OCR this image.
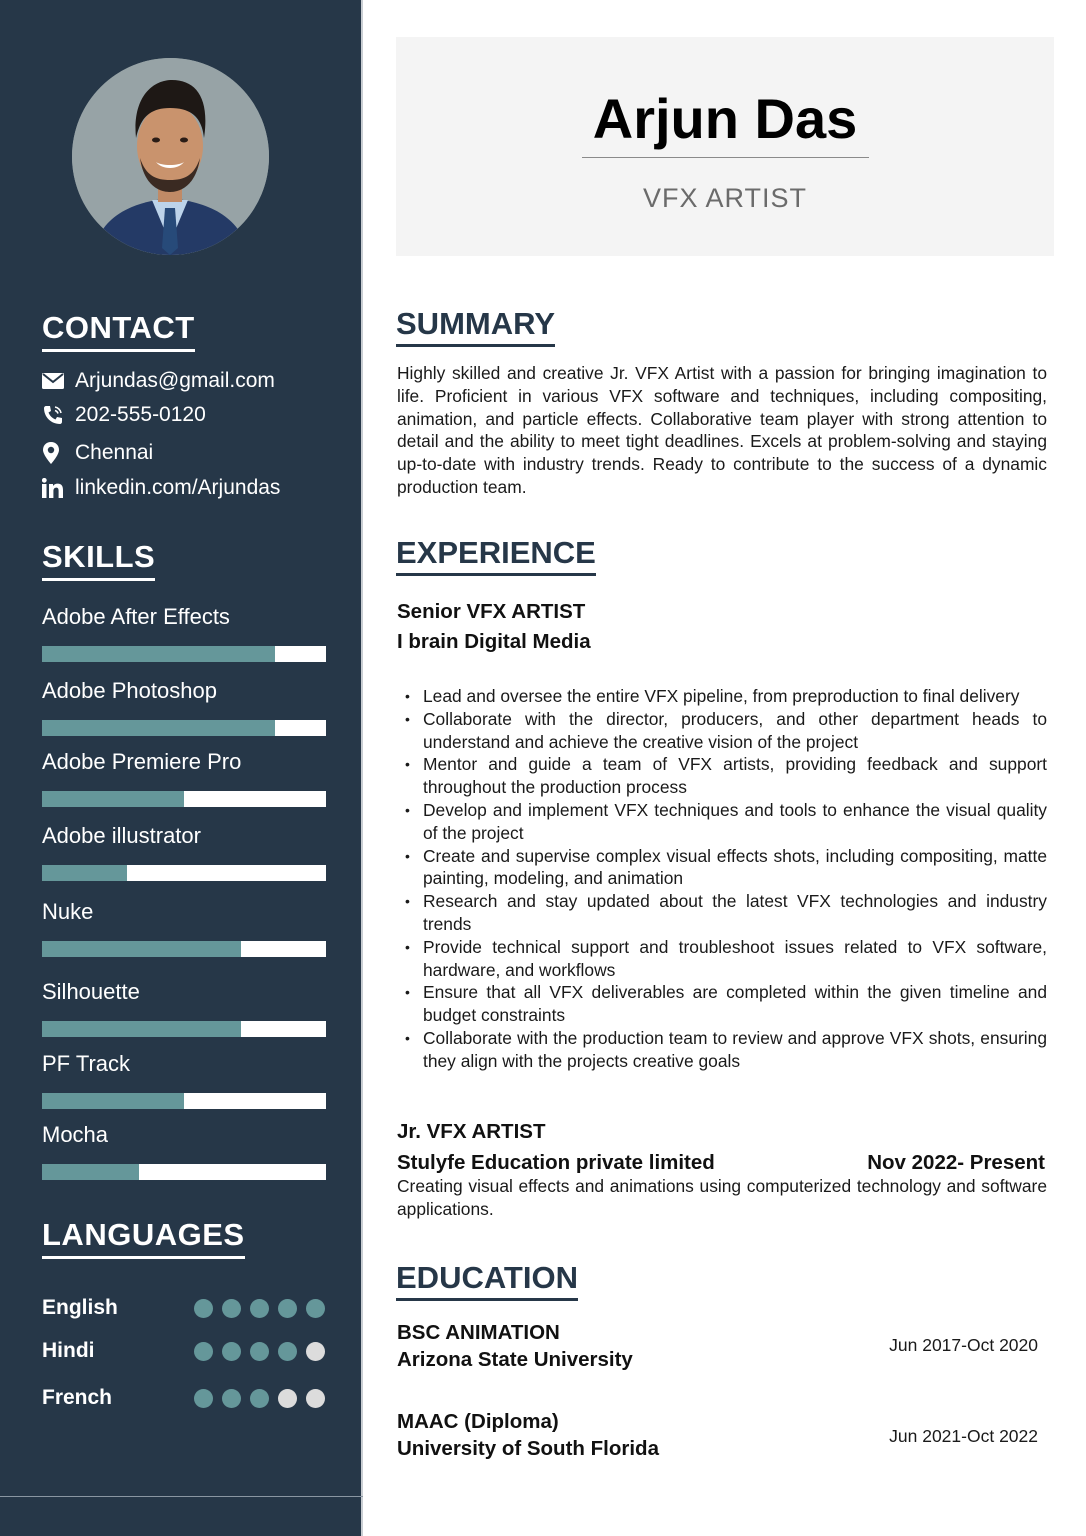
CONTACT
Arjundas@gmail.com
202-555-0120
Chennai
linkedin.com/Arjundas
SKILLS
Adobe After Effects
Adobe Photoshop
Adobe Premiere Pro
Adobe illustrator
Nuke
Silhouette
PF Track
Mocha
LANGUAGES
English
Hindi
French
Arjun Das
VFX ARTIST
SUMMARY

Highly skilled and creative Jr. VFX Artist with a passion for bringing imagination to life. Proficient in various VFX software and techniques, including compositing, animation, and particle effects. Collaborative team player with strong attention to detail and the ability to meet tight deadlines. Excels at problem-solving and staying up-to-date with industry trends. Ready to contribute to the success of a dynamic production team.

EXPERIENCE
Senior VFX ARTIST
I brain Digital Media
• Lead and oversee the entire VFX pipeline, from preproduction to final delivery
• Collaborate with the director, producers, and other department heads to understand and achieve the creative vision of the project
• Mentor and guide a team of VFX artists, providing feedback and support throughout the production process
• Develop and implement VFX techniques and tools to enhance the visual quality of the project
• Create and supervise complex visual effects shots, including compositing, matte painting, modeling, and animation
• Research and stay updated about the latest VFX technologies and industry trends
• Provide technical support and troubleshoot issues related to VFX software, hardware, and workflows
• Ensure that all VFX deliverables are completed within the given timeline and budget constraints
• Collaborate with the production team to review and approve VFX shots, ensuring they align with the projects creative goals
Jr. VFX ARTIST
Stulyfe Education private limited	Nov 2022- Present

Creating visual effects and animations using computerized technology and software applications.

EDUCATION
BSC ANIMATION
Arizona State University
Jun 2017-Oct 2020
MAAC (Diploma)
University of South Florida
Jun 2021-Oct 2022
